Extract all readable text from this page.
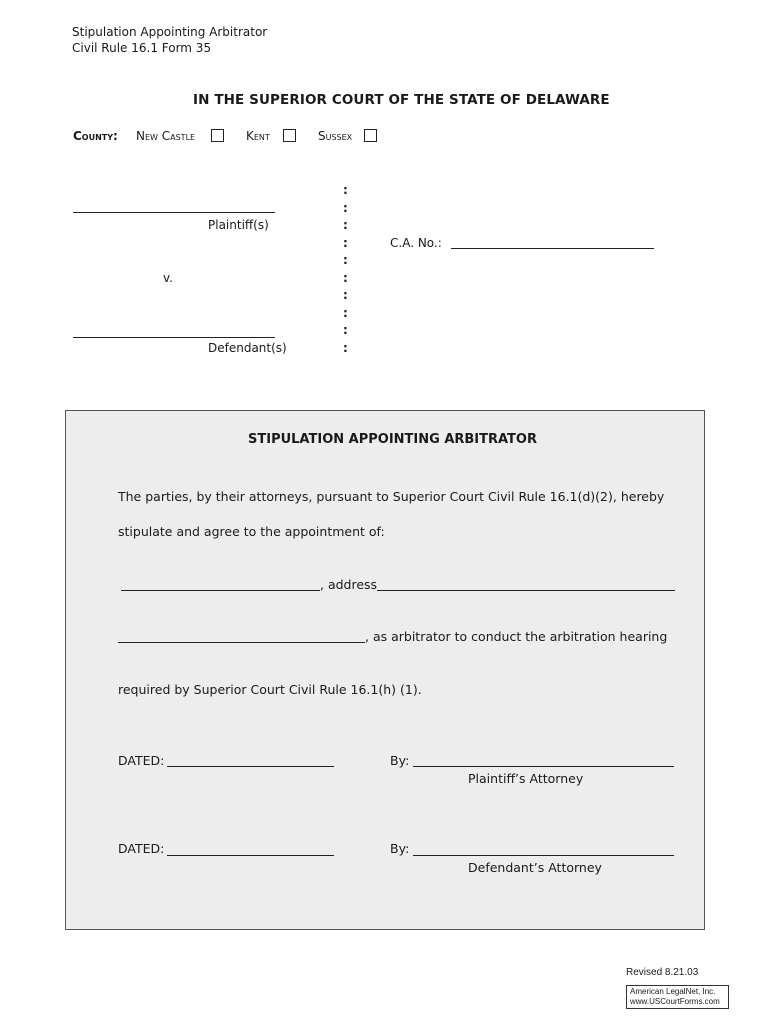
Stipulation Appointing Arbitrator
Civil Rule 16.1 Form 35
IN THE SUPERIOR COURT OF THE STATE OF DELAWARE
County: New Castle	Kent	Sussex
Plaintiff(s)
v.
Defendant(s)
:
:
:
:
:
:
:
:
:
:
C.A. No.:
STIPULATION APPOINTING ARBITRATOR
The parties, by their attorneys, pursuant to Superior Court Civil Rule 16.1(d)(2), hereby
stipulate and agree to the appointment of:
, address
, as arbitrator to conduct the arbitration hearing
required by Superior Court Civil Rule 16.1(h) (1).
DATED:	By:
Plaintiff’s Attorney
DATED:	By:
Defendant’s Attorney
Revised 8.21.03
American LegalNet, Inc.
www.USCourtForms.com
